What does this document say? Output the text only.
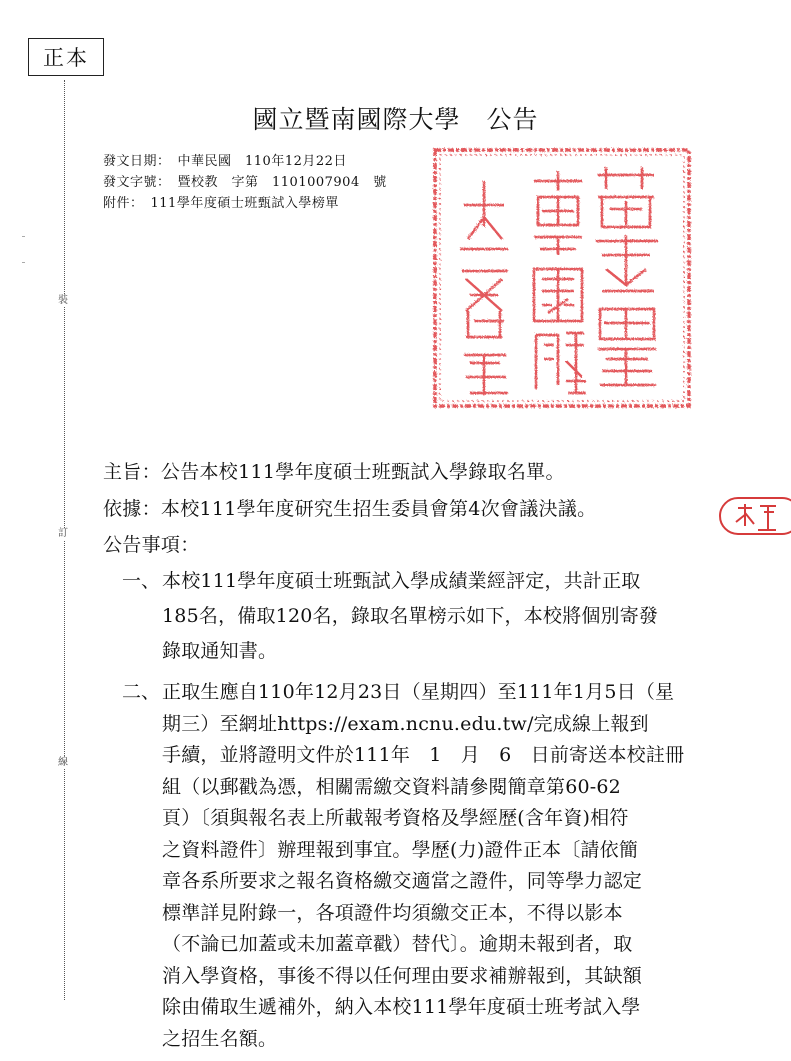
正本
裝
訂
線
國立暨南國際大學　公告
發文日期：　中華民國　110年12月22日
發文字號：　暨校教　字第　1101007904　號
附件：　111學年度碩士班甄試入學榜單
主旨：公告本校111學年度碩士班甄試入學錄取名單。
依據：本校111學年度研究生招生委員會第4次會議決議。
公告事項：
一、 本校111學年度碩士班甄試入學成績業經評定，共計正取
185名，備取120名，錄取名單榜示如下，本校將個別寄發
錄取通知書。
二、 正取生應自110年12月23日（星期四）至111年1月5日（星
期三）至網址https://exam.ncnu.edu.tw/完成線上報到
手續，並將證明文件於111年　1　月　6　日前寄送本校註冊
組（以郵戳為憑，相關需繳交資料請參閱簡章第60-62
頁）〔須與報名表上所載報考資格及學經歷(含年資)相符
之資料證件〕辦理報到事宜。學歷(力)證件正本〔請依簡
章各系所要求之報名資格繳交適當之證件，同等學力認定
標準詳見附錄一，各項證件均須繳交正本，不得以影本
（不論已加蓋或未加蓋章戳）替代〕。逾期未報到者，取
消入學資格，事後不得以任何理由要求補辦報到，其缺額
除由備取生遞補外，納入本校111學年度碩士班考試入學
之招生名額。
